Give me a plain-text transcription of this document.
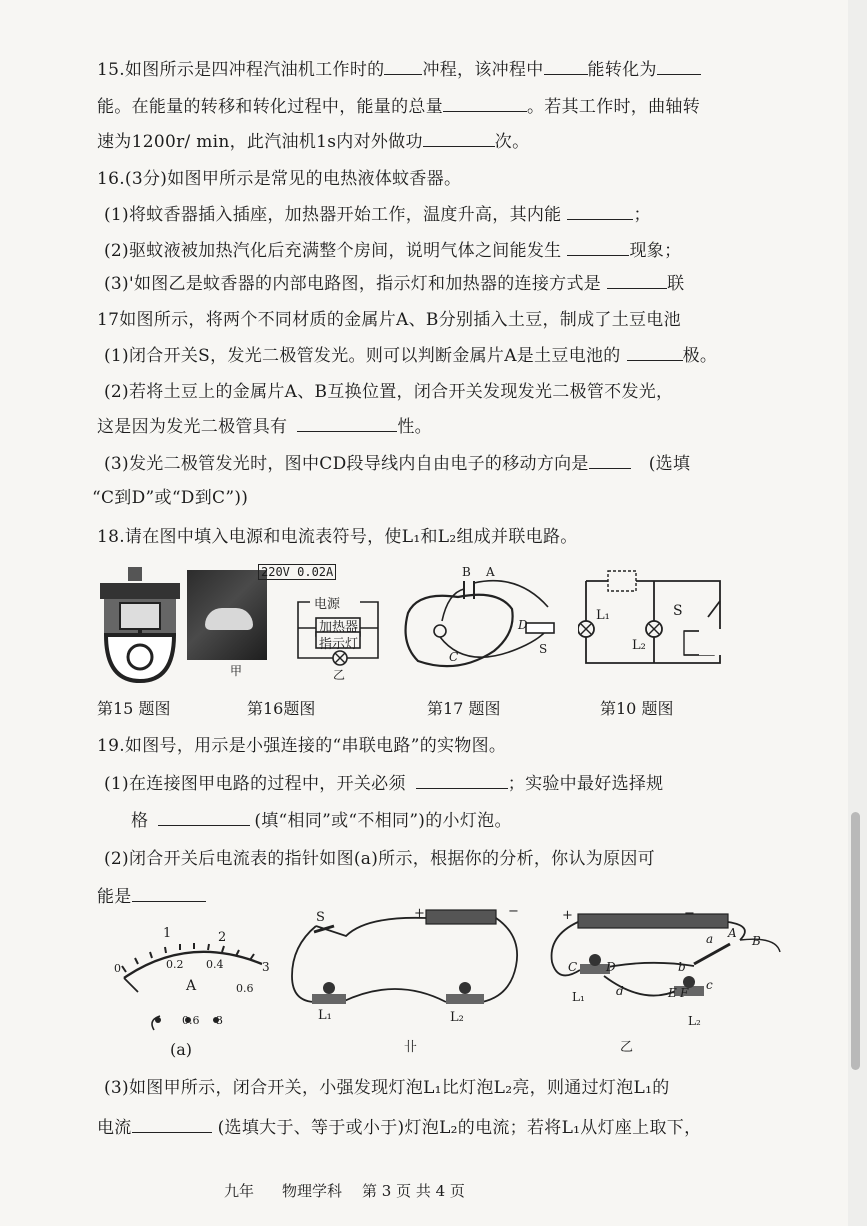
15.如图所示是四冲程汽油机工作时的 冲程，该冲程中	能转化为
能。在能量的转移和转化过程中，能量的总量	。若其工作时，曲轴转
速为1200r/ min，此汽油机1s内对外做功	次。
16.(3分)如图甲所示是常见的电热液体蚊香器。
(1)将蚊香器插入插座，加热器开始工作，温度升高，其内能	；
(2)驱蚊液被加热汽化后充满整个房间，说明气体之间能发生	现象；
(3)'如图乙是蚊香器的内部电路图，指示灯和加热器的连接方式是	联
17如图所示，将两个不同材质的金属片A、B分别插入土豆，制成了土豆电池
(1)闭合开关S，发光二极管发光。则可以判断金属片A是土豆电池的	极。
(2)若将土豆上的金属片A、B互换位置，闭合开关发现发光二极管不发光，
这是因为发光二极管具有	性。
(3)发光二极管发光时，图中CD段导线内自由电子的移动方向是	(选填
“C到D”或“D到C”))
18.请在图中填入电源和电流表符号，使L₁和L₂组成并联电路。
甲
220V 0.02A
电源
加热器
指示灯
乙
B A
D
C
S
L₁
L₂
S
第15 题图	第16题图	第17 题图	第10 题图
19.如图号，用示是小强连接的“串联电路”的实物图。
(1)在连接图甲电路的过程中，开关必须	；实验中最好选择规
格	(填“相同”或“不相同”)的小灯泡。
(2)闭合开关后电流表的指针如图(a)所示，根据你的分析，你认为原因可
能是
1	2
0	0.2 0.4
0.6
3
A
0.6 3
(a)
S	+	−
L₁	L₂
卝
+	−
A
B
a
C D	b
d	E F
c
L₁
L₂
乙
(3)如图甲所示，闭合开关，小强发现灯泡L₁比灯泡L₂亮，则通过灯泡L₁的
电流	(选填大于、等于或小于)灯泡L₂的电流；若将L₁从灯座上取下，
九年 物理学科 第 3 页 共 4 页
